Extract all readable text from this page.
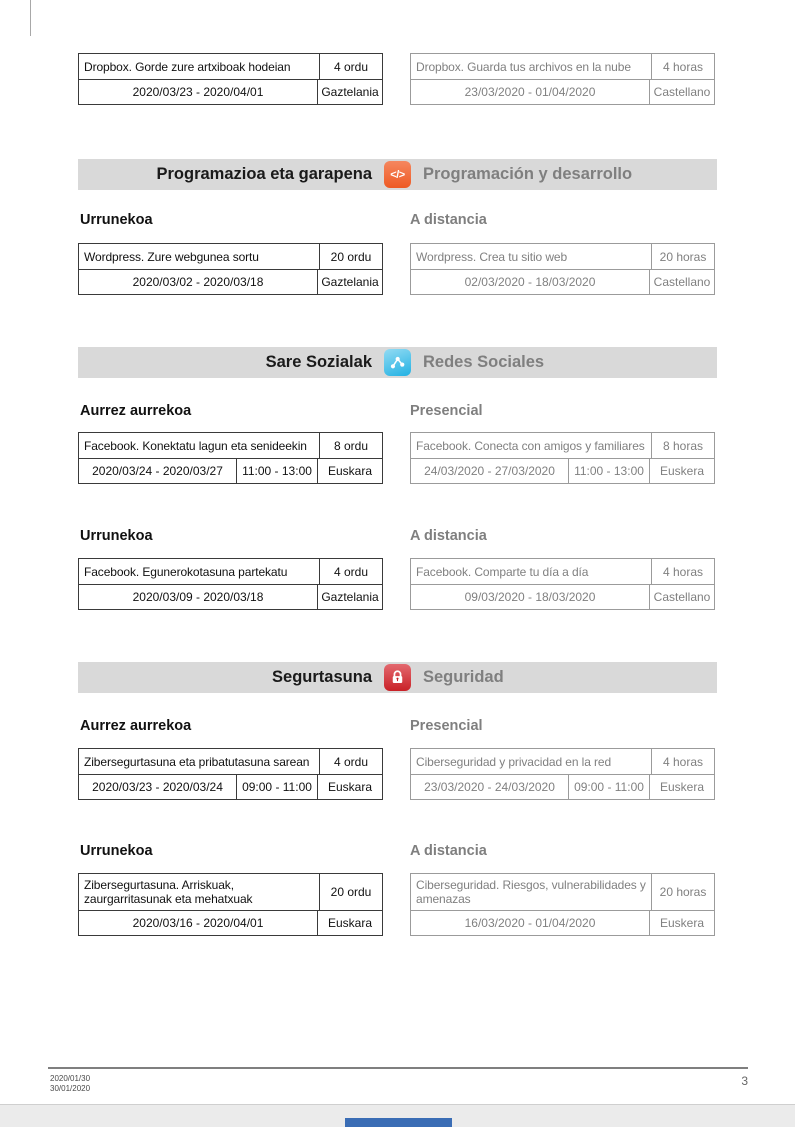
Dropbox. Gorde zure artxiboak hodeian	4 ordu
2020/03/23 - 2020/04/01	Gaztelania
Dropbox. Guarda tus archivos en la nube	4 horas
23/03/2020 - 01/04/2020	Castellano
Programazioa eta garapena </> Programación y desarrollo
Urrunekoa	A distancia
Wordpress. Zure webgunea sortu	20 ordu
2020/03/02 - 2020/03/18	Gaztelania
Wordpress. Crea tu sitio web	20 horas
02/03/2020 - 18/03/2020	Castellano
Sare Sozialak	Redes Sociales
Aurrez aurrekoa	Presencial
Facebook. Konektatu lagun eta senideekin	8 ordu
2020/03/24 - 2020/03/27	11:00 - 13:00	Euskara
Facebook. Conecta con amigos y familiares	8 horas
24/03/2020 - 27/03/2020	11:00 - 13:00	Euskera
Urrunekoa	A distancia
Facebook. Egunerokotasuna partekatu	4 ordu
2020/03/09 - 2020/03/18	Gaztelania
Facebook. Comparte tu día a día	4 horas
09/03/2020 - 18/03/2020	Castellano
Segurtasuna	Seguridad
Aurrez aurrekoa	Presencial
Zibersegurtasuna eta pribatutasuna sarean	4 ordu
2020/03/23 - 2020/03/24	09:00 - 11:00	Euskara
Ciberseguridad y privacidad en la red	4 horas
23/03/2020 - 24/03/2020	09:00 - 11:00	Euskera
Urrunekoa	A distancia
Zibersegurtasuna. Arriskuak, zaurgarritasunak eta mehatxuak	20 ordu
2020/03/16 - 2020/04/01	Euskara
Ciberseguridad. Riesgos, vulnerabilidades y amenazas	20 horas
16/03/2020 - 01/04/2020	Euskera
2020/01/30
30/01/2020
3
